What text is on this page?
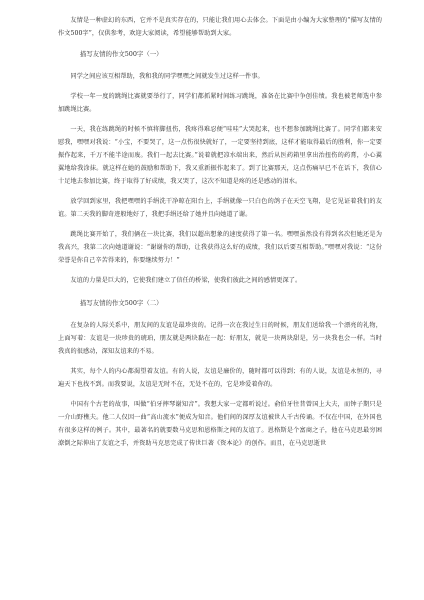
友情是一种虚幻的东西，它并不是真实存在的，只能让我们用心去体会。下面是由小编为大家整理的“描写友情的作文500字”，仅供参考，欢迎大家阅读，希望能够帮助到大家。

描写友情的作文500字（一）

同学之间应该互相帮助，我和我的同学嘿嘿之间就发生过这样一件事。

学校一年一度的跳绳比赛就要举行了，同学们都抓紧时间练习跳绳，准备在比赛中争创佳绩。我也被老师选中参加跳绳比赛。

一天，我在练跳绳的时候不慎将脚扭伤，我疼得难忍便“哇哇”大哭起来，也不想参加跳绳比赛了。同学们都来安慰我，嘿嘿对我说：“小宝，不要哭了，这一点伤很快就好了，一定要坚持到底，这样才能取得最后的胜利，你一定要振作起来，千万不能半途而废。我们一起去比赛。”说着就把凉水端出来，然后从医药箱里拿出治扭伤的药膏，小心翼翼地给我涂抹。就这样在她的鼓励和帮助下，我又重新振作起来了。到了比赛那天，这点伤痛早已不在话下，我信心十足地去参加比赛，终于取得了好成绩，我又哭了，这次不知道是疼的还是感动的泪水。

放学回到家里，我把嘿嘿的手绢洗干净晾在阳台上，手绢就像一只白色的鸽子在天空飞翔，是它见证着我们的友谊。第二天我的脚奇迹般地好了，我把手绢还给了她并且向她道了谢。

跳绳比赛开始了，我们俩在一块比赛，我们以超出想象的速度获得了第一名。嘿嘿虽然没有得到名次但她还是为我高兴，我第二次向她道谢说：“谢谢你的帮助，让我获得这么好的成绩，我们以后要互相帮助。”嘿嘿对我说：“这份荣誉是你自己辛苦得来的，你要继续努力！”

友谊的力量是巨大的，它使我们建立了信任的桥梁，使我们彼此之间的感情更深了。

描写友情的作文500字（二）

在复杂的人际关系中，朋友间的友谊是最珍贵的。记得一次在我过生日的时候，朋友们送给我一个漂亮的礼物，上面写着：友谊是一块珍贵的琥珀，朋友就是两块黏在一起：好朋友，就是一块两块甜是，另一块我也会一样。当时我真的很感动，深知友谊来的不易。

其实，每个人的内心都渴望着友谊。有的人说，友谊是廉价的，随时都可以得到；有的人说，友谊是永恒的，寻遍天下也找不到。而我要说，友谊是无时不在，无处不在的，它是珍爱着你的。

中国有个古老的故事，叫做“伯牙摔琴谢知音”。我想大家一定都听说过。俞伯牙往昔曾国上大夫，而钟子期只是一介山野樵夫。他二人仅因一曲“高山流水”便成为知音。他们间的深厚友谊被世人千古传诵。不仅在中国，在外国也有很多这样的例子。其中，最著名的就要数马克思和恩格斯之间的友谊了。恩格斯是个富商之子，他在马克思最穷困潦倒之际伸出了友谊之手，并资助马克思完成了传世巨著《资本论》的创作。而且，在马克思逝世
